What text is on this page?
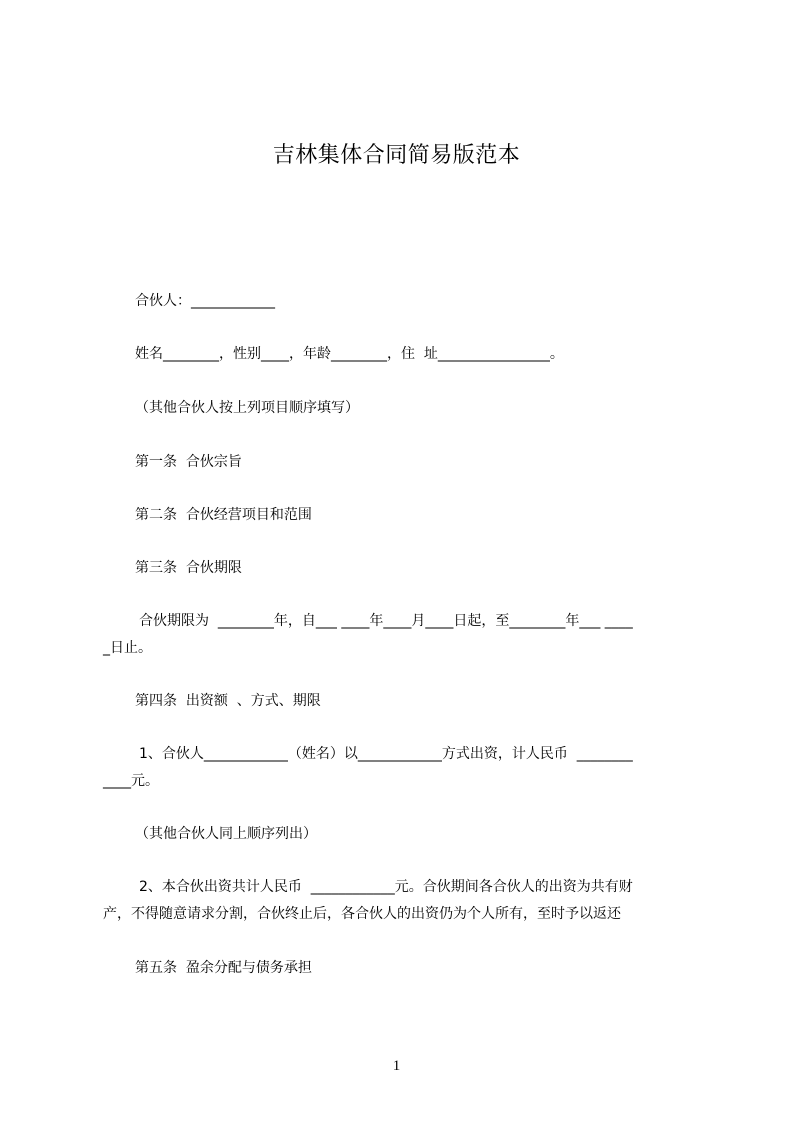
吉林集体合同简易版范本
合伙人：____________
姓名________，性别____，年龄________，住  址________________。
（其他合伙人按上列项目顺序填写）
第一条  合伙宗旨
第二条  合伙经营项目和范围
第三条  合伙期限
合伙期限为  ________年，自___ ____年____月____日起，至________年___ ____
_日止。
第四条  出资额  、方式、期限
1、合伙人____________（姓名）以____________方式出资，计人民币  ________
____元。
（其他合伙人同上顺序列出）
2、本合伙出资共计人民币  ____________元。合伙期间各合伙人的出资为共有财
产，不得随意请求分割，合伙终止后，各合伙人的出资仍为个人所有，至时予以返还
第五条  盈余分配与债务承担
1
